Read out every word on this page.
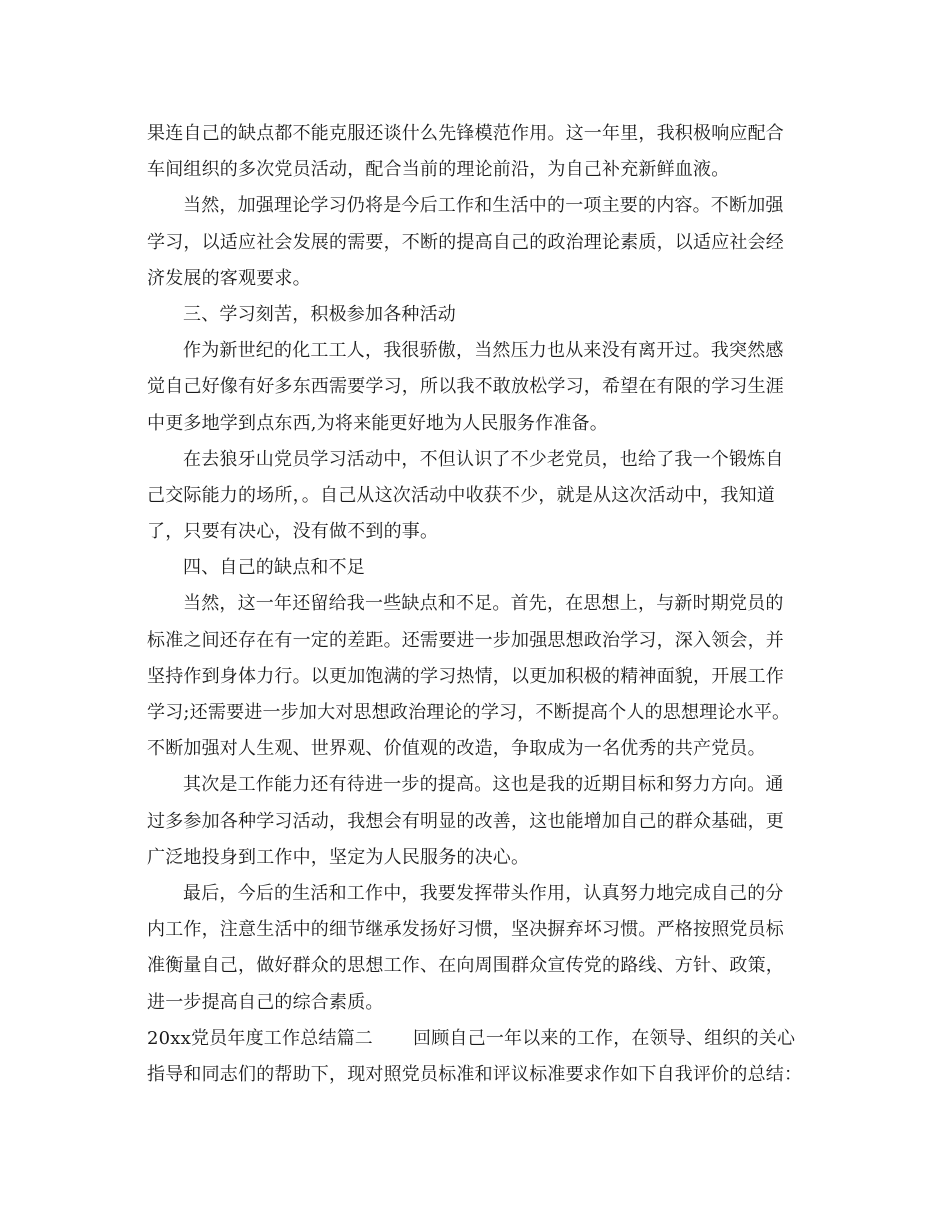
果连自己的缺点都不能克服还谈什么先锋模范作用。这一年里，我积极响应配合
车间组织的多次党员活动，配合当前的理论前沿，为自己补充新鲜血液。
当然，加强理论学习仍将是今后工作和生活中的一项主要的内容。不断加强
学习，以适应社会发展的需要，不断的提高自己的政治理论素质，以适应社会经
济发展的客观要求。
三、学习刻苦，积极参加各种活动
作为新世纪的化工工人，我很骄傲，当然压力也从来没有离开过。我突然感
觉自己好像有好多东西需要学习，所以我不敢放松学习，希望在有限的学习生涯
中更多地学到点东西,为将来能更好地为人民服务作准备。
在去狼牙山党员学习活动中，不但认识了不少老党员，也给了我一个锻炼自
己交际能力的场所，。自己从这次活动中收获不少，就是从这次活动中，我知道
了，只要有决心，没有做不到的事。
四、自己的缺点和不足
当然，这一年还留给我一些缺点和不足。首先，在思想上，与新时期党员的
标准之间还存在有一定的差距。还需要进一步加强思想政治学习，深入领会，并
坚持作到身体力行。以更加饱满的学习热情，以更加积极的精神面貌，开展工作
学习;还需要进一步加大对思想政治理论的学习，不断提高个人的思想理论水平。
不断加强对人生观、世界观、价值观的改造，争取成为一名优秀的共产党员。
其次是工作能力还有待进一步的提高。这也是我的近期目标和努力方向。通
过多参加各种学习活动，我想会有明显的改善，这也能增加自己的群众基础，更
广泛地投身到工作中，坚定为人民服务的决心。
最后，今后的生活和工作中，我要发挥带头作用，认真努力地完成自己的分
内工作，注意生活中的细节继承发扬好习惯，坚决摒弃坏习惯。严格按照党员标
准衡量自己，做好群众的思想工作、在向周围群众宣传党的路线、方针、政策，
进一步提高自己的综合素质。
20xx党员年度工作总结篇二 回顾自己一年以来的工作，在领导、组织的关心
指导和同志们的帮助下，现对照党员标准和评议标准要求作如下自我评价的总结：
